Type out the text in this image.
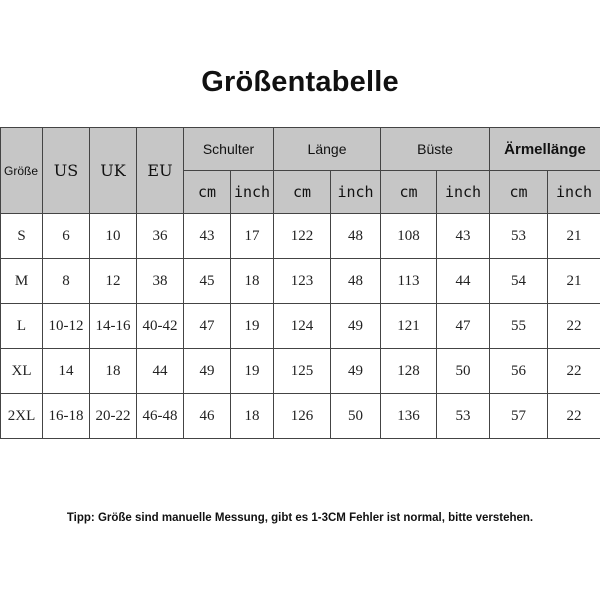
Größentabelle
Größe	US	UK	EU	Schulter		Länge		Büste		Ärmellänge	
				cm	inch	cm	inch	cm	inch	cm	inch
S	6	10	36	43	17	122	48	108	43	53	21
M	8	12	38	45	18	123	48	113	44	54	21
L	10-12	14-16	40-42	47	19	124	49	121	47	55	22
XL	14	18	44	49	19	125	49	128	50	56	22
2XL	16-18	20-22	46-48	46	18	126	50	136	53	57	22
Tipp: Größe sind manuelle Messung, gibt es 1-3CM Fehler ist normal, bitte verstehen.
